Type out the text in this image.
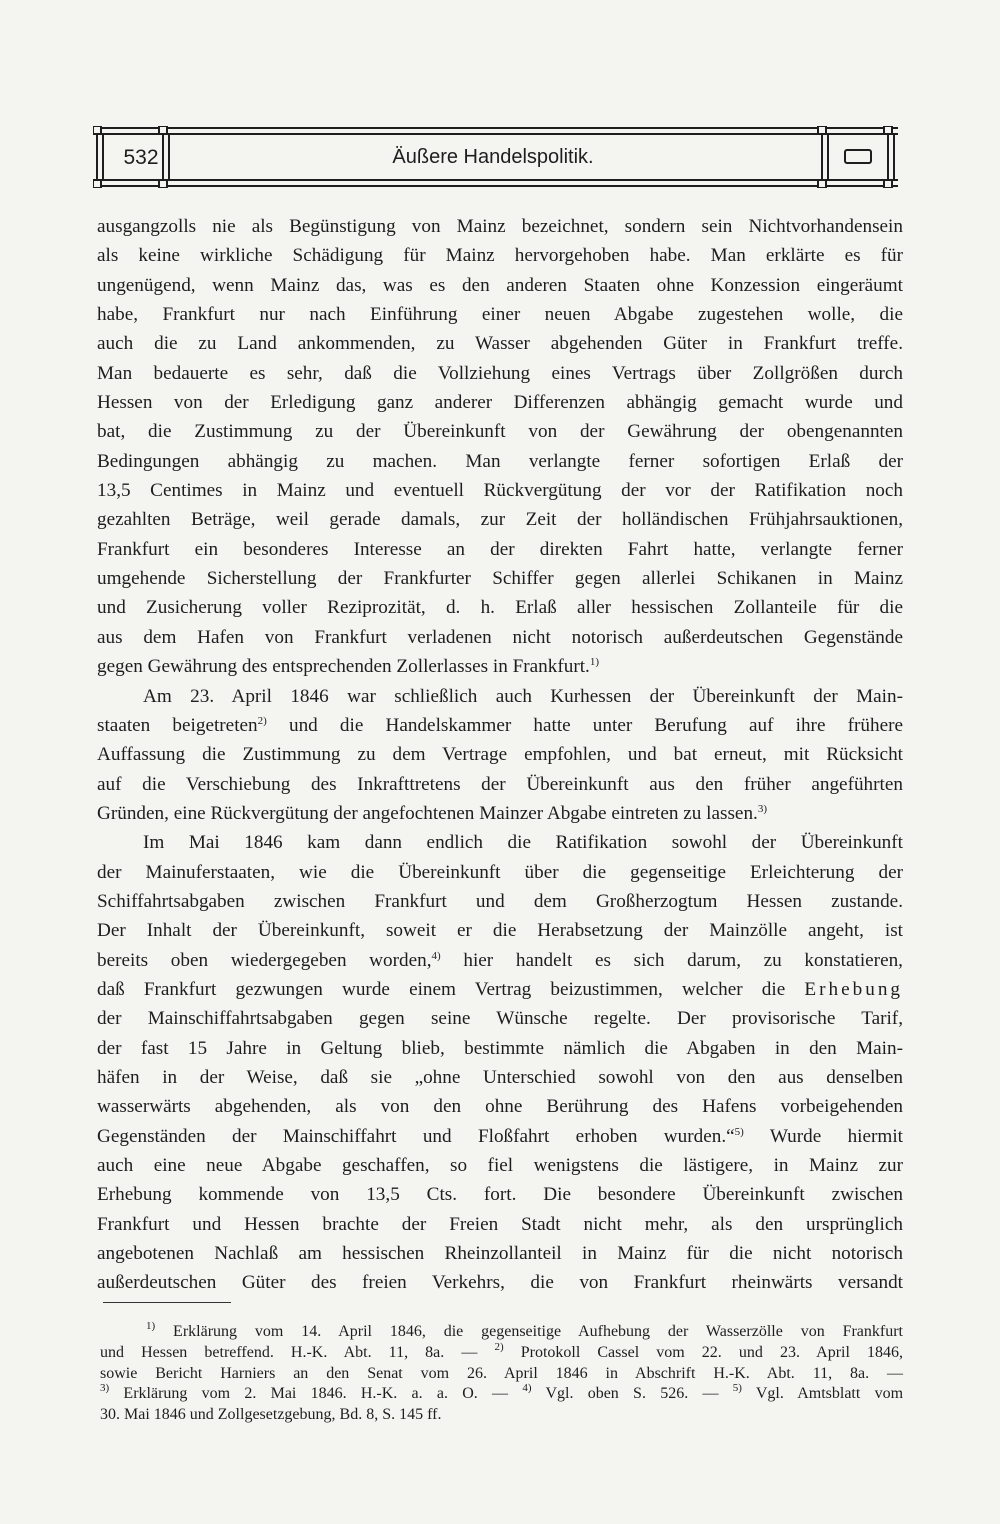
532	Äußere Handelspolitik.
ausgangzolls nie als Begünstigung von Mainz bezeichnet, sondern sein Nichtvorhandensein
als keine wirkliche Schädigung für Mainz hervorgehoben habe. Man erklärte es für
ungenügend, wenn Mainz das, was es den anderen Staaten ohne Konzession eingeräumt
habe, Frankfurt nur nach Einführung einer neuen Abgabe zugestehen wolle, die
auch die zu Land ankommenden, zu Wasser abgehenden Güter in Frankfurt treffe.
Man bedauerte es sehr, daß die Vollziehung eines Vertrags über Zollgrößen durch
Hessen von der Erledigung ganz anderer Differenzen abhängig gemacht wurde und
bat, die Zustimmung zu der Übereinkunft von der Gewährung der obengenannten
Bedingungen abhängig zu machen. Man verlangte ferner sofortigen Erlaß der
13,5 Centimes in Mainz und eventuell Rückvergütung der vor der Ratifikation noch
gezahlten Beträge, weil gerade damals, zur Zeit der holländischen Frühjahrsauktionen,
Frankfurt ein besonderes Interesse an der direkten Fahrt hatte, verlangte ferner
umgehende Sicherstellung der Frankfurter Schiffer gegen allerlei Schikanen in Mainz
und Zusicherung voller Reziprozität, d. h. Erlaß aller hessischen Zollanteile für die
aus dem Hafen von Frankfurt verladenen nicht notorisch außerdeutschen Gegenstände
gegen Gewährung des entsprechenden Zollerlasses in Frankfurt.$^{1)}$
Am 23. April 1846 war schließlich auch Kurhessen der Übereinkunft der Main-
staaten beigetreten$^{2)}$ und die Handelskammer hatte unter Berufung auf ihre frühere
Auffassung die Zustimmung zu dem Vertrage empfohlen, und bat erneut, mit Rücksicht
auf die Verschiebung des Inkrafttretens der Übereinkunft aus den früher angeführten
Gründen, eine Rückvergütung der angefochtenen Mainzer Abgabe eintreten zu lassen.$^{3)}$
Im Mai 1846 kam dann endlich die Ratifikation sowohl der Übereinkunft
der Mainuferstaaten, wie die Übereinkunft über die gegenseitige Erleichterung der
Schiffahrtsabgaben zwischen Frankfurt und dem Großherzogtum Hessen zustande.
Der Inhalt der Übereinkunft, soweit er die Herabsetzung der Mainzölle angeht, ist
bereits oben wiedergegeben worden,$^{4)}$ hier handelt es sich darum, zu konstatieren,
daß Frankfurt gezwungen wurde einem Vertrag beizustimmen, welcher die Erhebung
der Mainschiffahrtsabgaben gegen seine Wünsche regelte. Der provisorische Tarif,
der fast 15 Jahre in Geltung blieb, bestimmte nämlich die Abgaben in den Main-
häfen in der Weise, daß sie „ohne Unterschied sowohl von den aus denselben
wasserwärts abgehenden, als von den ohne Berührung des Hafens vorbeigehenden
Gegenständen der Mainschiffahrt und Floßfahrt erhoben wurden.“$^{5)}$ Wurde hiermit
auch eine neue Abgabe geschaffen, so fiel wenigstens die lästigere, in Mainz zur
Erhebung kommende von 13,5 Cts. fort. Die besondere Übereinkunft zwischen
Frankfurt und Hessen brachte der Freien Stadt nicht mehr, als den ursprünglich
angebotenen Nachlaß am hessischen Rheinzollanteil in Mainz für die nicht notorisch
außerdeutschen Güter des freien Verkehrs, die von Frankfurt rheinwärts versandt
$^{1)}$ Erklärung vom 14. April 1846, die gegenseitige Aufhebung der Wasserzölle von Frankfurt
und Hessen betreffend. H.-K. Abt. 11, 8a. — $^{2)}$ Protokoll Cassel vom 22. und 23. April 1846,
sowie Bericht Harniers an den Senat vom 26. April 1846 in Abschrift H.-K. Abt. 11, 8a. —
$^{3)}$ Erklärung vom 2. Mai 1846. H.-K. a. a. O. — $^{4)}$ Vgl. oben S. 526. — $^{5)}$ Vgl. Amtsblatt vom
30. Mai 1846 und Zollgesetzgebung, Bd. 8, S. 145 ff.
